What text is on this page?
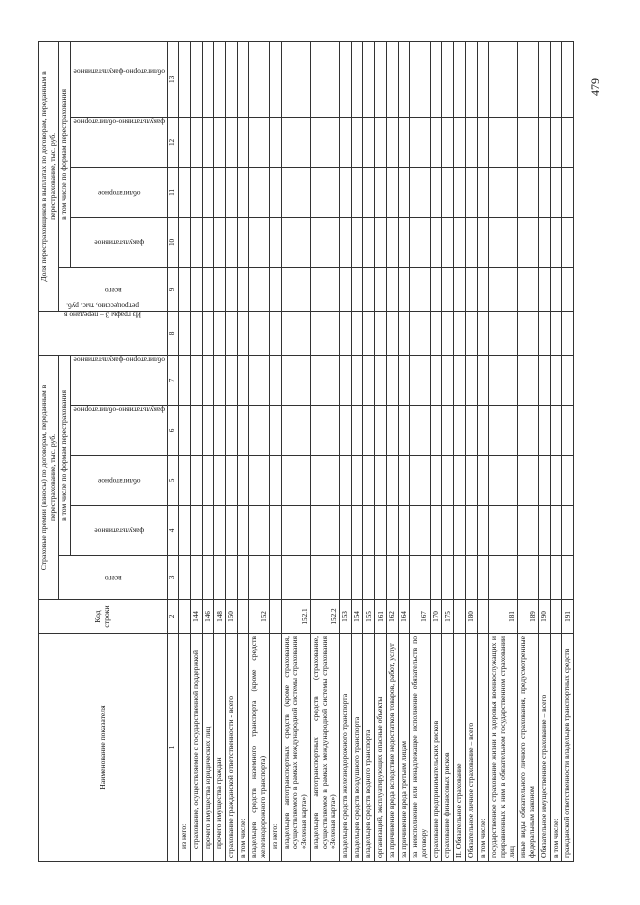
479
Наименование показателя	Код строки	Страховые премии (взносы) по договорам, переданным в перестрахование, тыс. руб.					Из графы 3 – передано в ретроцессию, тыс. руб.	Доля перестраховщиков в выплатах по договорам, переданным в перестрахование, тыс. руб.				
		всего	в том числе по формам перестрахования					всего	в том числе по формам перестрахования			
			факультативное	облигаторное	факультативно-облигаторное	облигаторно-факультативное			факультативное	облигаторное	факультативно-облигаторное	облигаторно-факультативное
1	2	3	4	5	6	7	8	9	10	11	12	13
из него:												
страхование, осуществляемое с государственной поддержкой	144											
прочего имущества юридических лиц	146											
прочего имущества граждан	148											
страхование гражданской ответственности - всего	150											
в том числе:												
владельцев средств наземного транспорта (кроме средств железнодорожного транспорта)	152											
из него:												
владельцев автотранспортных средств (кроме страхования, осуществляемого в рамках международной системы страхования «Зеленая карта»)	152.1											
владельцев автотранспортных средств (страхование, осуществляемое в рамках международной системы страхования «Зеленая карта»)	152.2											
владельцев средств железнодорожного транспорта	153											
владельцев средств воздушного транспорта	154											
владельцев средств водного транспорта	155											
организаций, эксплуатирующих опасные объекты	161											
за причинение вреда вследствие недостатков товаров, работ, услуг	162											
за причинение вреда третьим лицам	164											
за неисполнение или ненадлежащее исполнение обязательств по договору	167											
страхование предпринимательских рисков	170											
страхование финансовых рисков	175											
II. Обязательное страхование												
Обязательное личное страхование – всего	180											
в том числе:												
государственное страхование жизни и здоровья военнослужащих и приравненных к ним в обязательном государственном страховании лиц	181											
иные виды обязательного личного страхования, предусмотренные федеральным законом	189											
Обязательное имущественное страхование – всего	190											
в том числе:												
гражданской ответственности владельцев транспортных средств	191											
